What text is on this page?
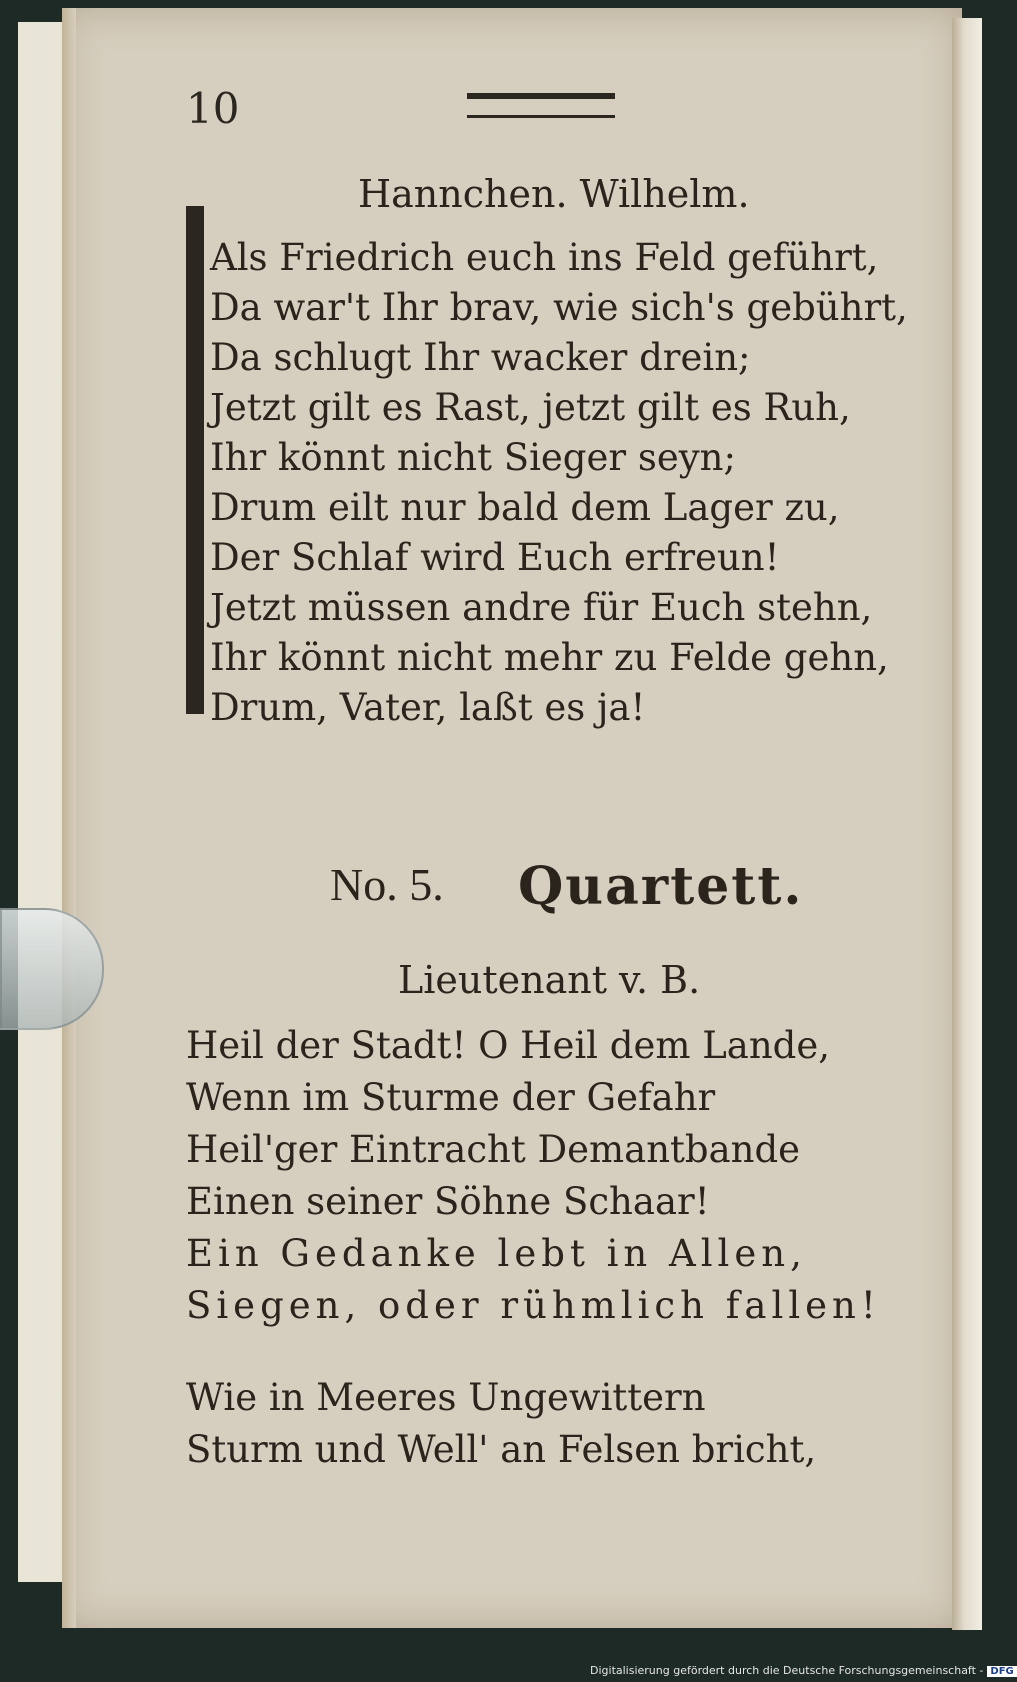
10
Hannchen. Wilhelm.
Als Friedrich euch ins Feld geführt,
Da war't Ihr brav, wie sich's gebührt,
Da schlugt Ihr wacker drein;
Jetzt gilt es Rast, jetzt gilt es Ruh,
Ihr könnt nicht Sieger seyn;
Drum eilt nur bald dem Lager zu,
Der Schlaf wird Euch erfreun!
Jetzt müssen andre für Euch stehn,
Ihr könnt nicht mehr zu Felde gehn,
Drum, Vater, laßt es ja!
No. 5. Quartett.
Lieutenant v. B.
Heil der Stadt! O Heil dem Lande,
Wenn im Sturme der Gefahr
Heil'ger Eintracht Demantbande
Einen seiner Söhne Schaar!
Ein Gedanke lebt in Allen,
Siegen, oder rühmlich fallen!
Wie in Meeres Ungewittern
Sturm und Well' an Felsen bricht,
Digitalisierung gefördert durch die Deutsche Forschungsgemeinschaft - DFG
